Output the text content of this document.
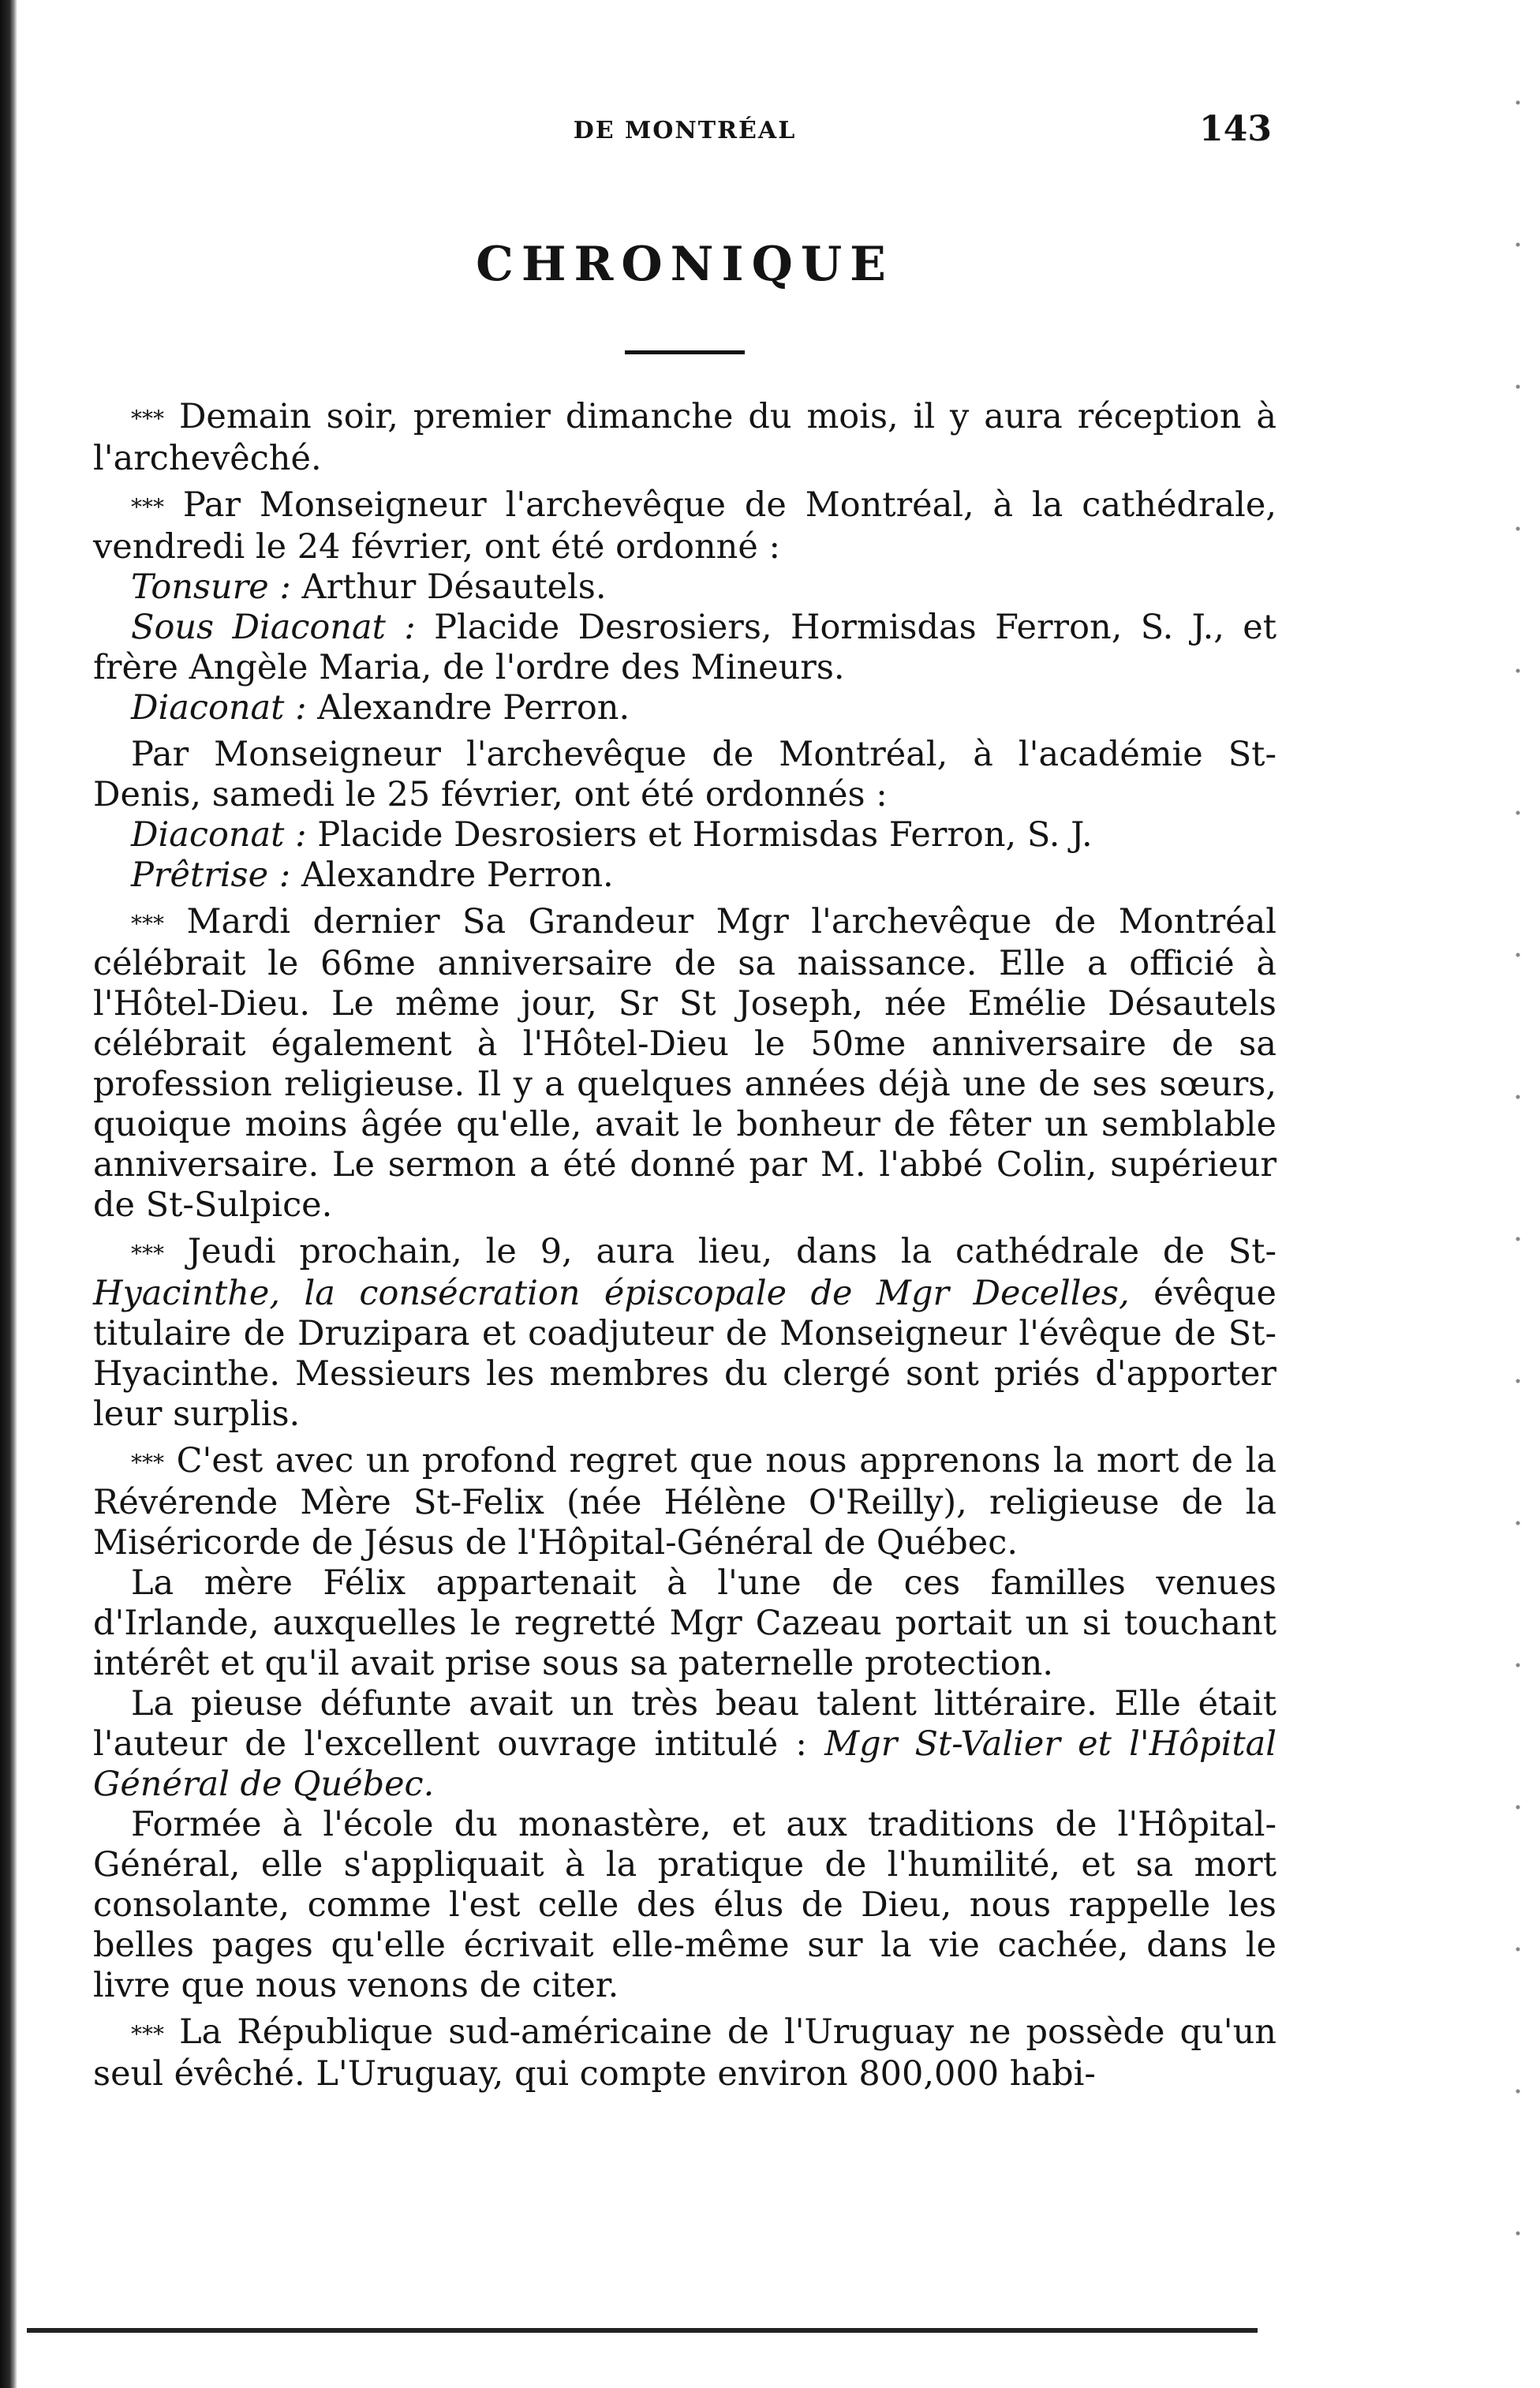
DE MONTRÉAL	143
CHRONIQUE

*** Demain soir, premier dimanche du mois, il y aura réception à l'archevêché.

*** Par Monseigneur l'archevêque de Montréal, à la cathédrale, vendredi le 24 février, ont été ordonné :

Tonsure : Arthur Désautels.

Sous Diaconat : Placide Desrosiers, Hormisdas Ferron, S. J., et frère Angèle Maria, de l'ordre des Mineurs.

Diaconat : Alexandre Perron.

Par Monseigneur l'archevêque de Montréal, à l'académie St-Denis, samedi le 25 février, ont été ordonnés :

Diaconat : Placide Desrosiers et Hormisdas Ferron, S. J.

Prêtrise : Alexandre Perron.

*** Mardi dernier Sa Grandeur Mgr l'archevêque de Montréal célébrait le 66me anniversaire de sa naissance. Elle a officié à l'Hôtel-Dieu. Le même jour, Sr St Joseph, née Emélie Désautels célébrait également à l'Hôtel-Dieu le 50me anniversaire de sa profession religieuse. Il y a quelques années déjà une de ses sœurs, quoique moins âgée qu'elle, avait le bonheur de fêter un semblable anniversaire. Le sermon a été donné par M. l'abbé Colin, supérieur de St-Sulpice.

*** Jeudi prochain, le 9, aura lieu, dans la cathédrale de St-Hyacinthe, la consécration épiscopale de Mgr Decelles, évêque titulaire de Druzipara et coadjuteur de Monseigneur l'évêque de St-Hyacinthe. Messieurs les membres du clergé sont priés d'apporter leur surplis.

*** C'est avec un profond regret que nous apprenons la mort de la Révérende Mère St-Felix (née Hélène O'Reilly), religieuse de la Miséricorde de Jésus de l'Hôpital-Général de Québec.

La mère Félix appartenait à l'une de ces familles venues d'Irlande, auxquelles le regretté Mgr Cazeau portait un si touchant intérêt et qu'il avait prise sous sa paternelle protection.

La pieuse défunte avait un très beau talent littéraire. Elle était l'auteur de l'excellent ouvrage intitulé : Mgr St-Valier et l'Hôpital Général de Québec.

Formée à l'école du monastère, et aux traditions de l'Hôpital-Général, elle s'appliquait à la pratique de l'humilité, et sa mort consolante, comme l'est celle des élus de Dieu, nous rappelle les belles pages qu'elle écrivait elle-même sur la vie cachée, dans le livre que nous venons de citer.

*** La République sud-américaine de l'Uruguay ne possède qu'un seul évêché. L'Uruguay, qui compte environ 800,000 habi-
